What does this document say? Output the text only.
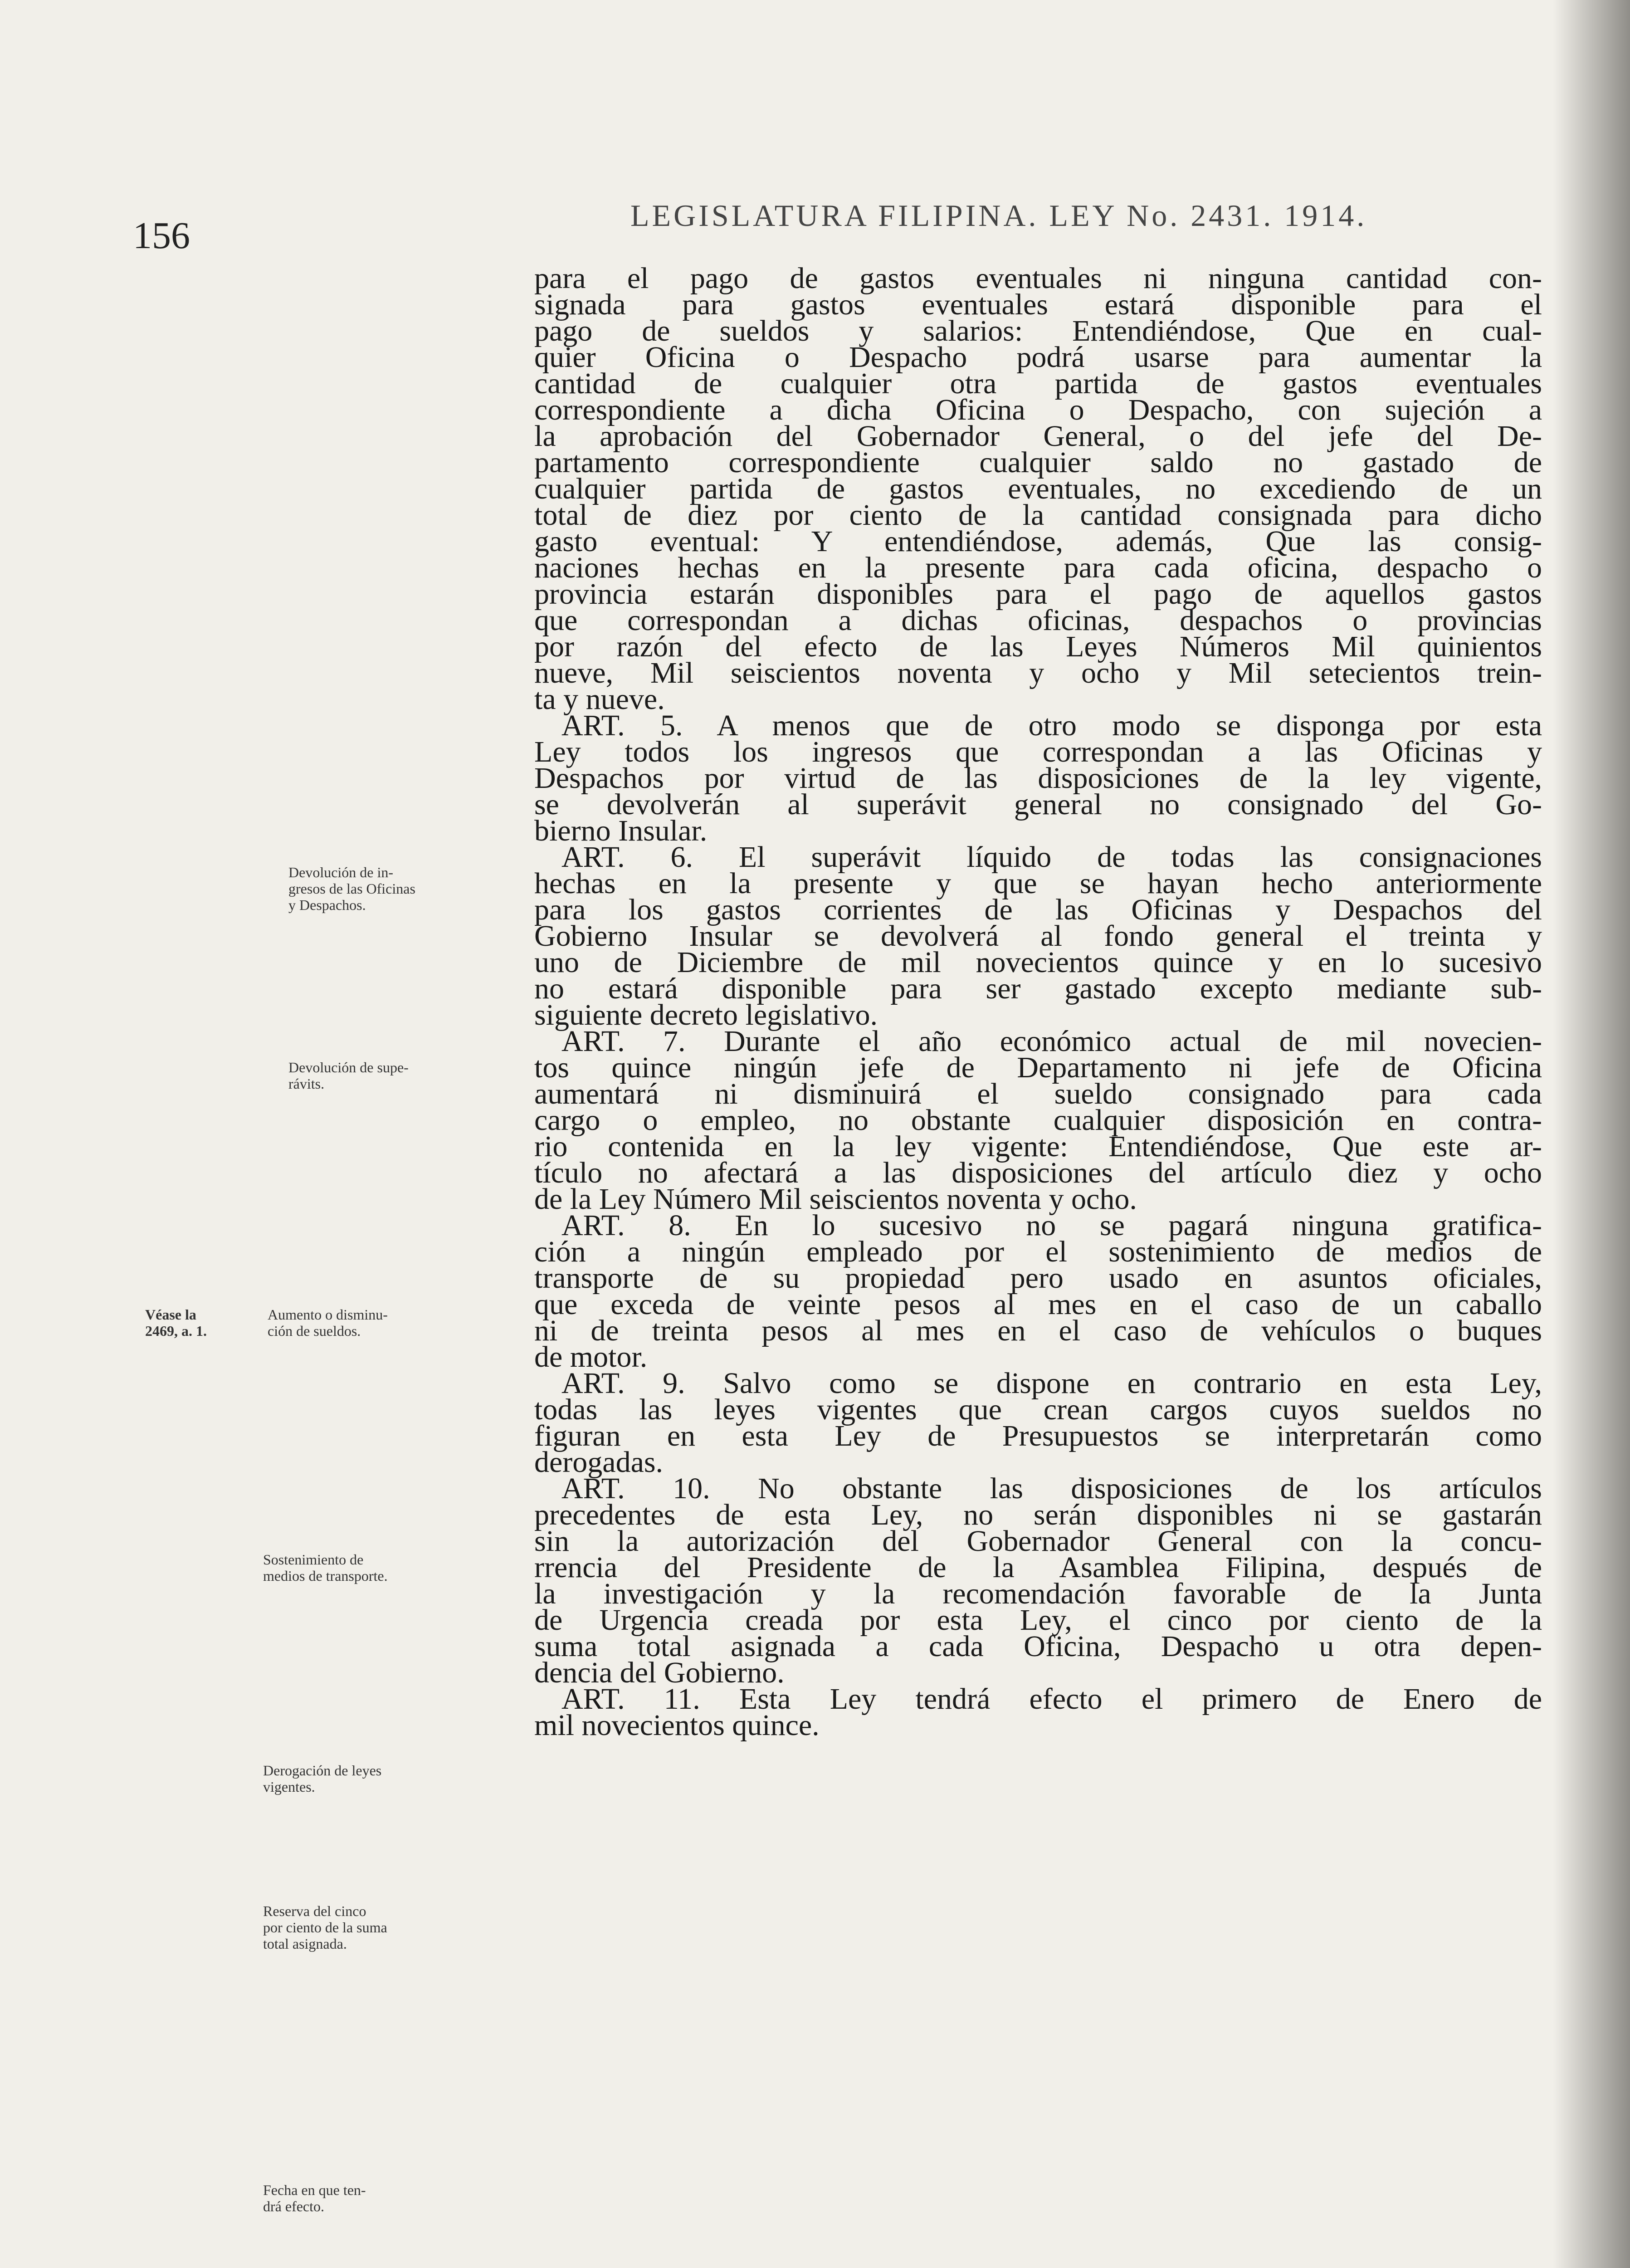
156	LEGISLATURA FILIPINA. LEY No. 2431. 1914.
para el pago de gastos eventuales ni ninguna cantidad con-
signada para gastos eventuales estará disponible para el
pago de sueldos y salarios: Entendiéndose, Que en cual-
quier Oficina o Despacho podrá usarse para aumentar la
cantidad de cualquier otra partida de gastos eventuales
correspondiente a dicha Oficina o Despacho, con sujeción a
la aprobación del Gobernador General, o del jefe del De-
partamento correspondiente cualquier saldo no gastado de
cualquier partida de gastos eventuales, no excediendo de un
total de diez por ciento de la cantidad consignada para dicho
gasto eventual: Y entendiéndose, además, Que las consig-
naciones hechas en la presente para cada oficina, despacho o
provincia estarán disponibles para el pago de aquellos gastos
que correspondan a dichas oficinas, despachos o provincias
por razón del efecto de las Leyes Números Mil quinientos
nueve, Mil seiscientos noventa y ocho y Mil setecientos trein-
ta y nueve.
ART. 5. A menos que de otro modo se disponga por esta
Ley todos los ingresos que correspondan a las Oficinas y
Despachos por virtud de las disposiciones de la ley vigente,
se devolverán al superávit general no consignado del Go-
bierno Insular.
ART. 6. El superávit líquido de todas las consignaciones
hechas en la presente y que se hayan hecho anteriormente
para los gastos corrientes de las Oficinas y Despachos del
Gobierno Insular se devolverá al fondo general el treinta y
uno de Diciembre de mil novecientos quince y en lo sucesivo
no estará disponible para ser gastado excepto mediante sub-
siguiente decreto legislativo.
ART. 7. Durante el año económico actual de mil novecien-
tos quince ningún jefe de Departamento ni jefe de Oficina
aumentará ni disminuirá el sueldo consignado para cada
cargo o empleo, no obstante cualquier disposición en contra-
rio contenida en la ley vigente: Entendiéndose, Que este ar-
tículo no afectará a las disposiciones del artículo diez y ocho
de la Ley Número Mil seiscientos noventa y ocho.
ART. 8. En lo sucesivo no se pagará ninguna gratifica-
ción a ningún empleado por el sostenimiento de medios de
transporte de su propiedad pero usado en asuntos oficiales,
que exceda de veinte pesos al mes en el caso de un caballo
ni de treinta pesos al mes en el caso de vehículos o buques
de motor.
ART. 9. Salvo como se dispone en contrario en esta Ley,
todas las leyes vigentes que crean cargos cuyos sueldos no
figuran en esta Ley de Presupuestos se interpretarán como
derogadas.
ART. 10. No obstante las disposiciones de los artículos
precedentes de esta Ley, no serán disponibles ni se gastarán
sin la autorización del Gobernador General con la concu-
rrencia del Presidente de la Asamblea Filipina, después de
la investigación y la recomendación favorable de la Junta
de Urgencia creada por esta Ley, el cinco por ciento de la
suma total asignada a cada Oficina, Despacho u otra depen-
dencia del Gobierno.
ART. 11. Esta Ley tendrá efecto el primero de Enero de
mil novecientos quince.
Devolución de in-
gresos de las Oficinas
y Despachos.
Devolución de supe-
rávits.
Véase la
2469, a. 1.
Aumento o disminu-
ción de sueldos.
Sostenimiento de
medios de transporte.
Derogación de leyes
vigentes.
Reserva del cinco
por ciento de la suma
total asignada.
Fecha en que ten-
drá efecto.
